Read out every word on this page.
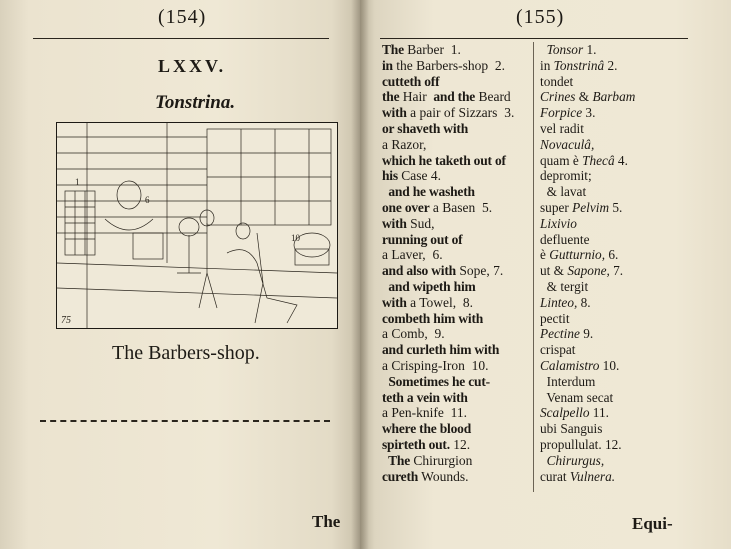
(154)
LXXV.
Tonstrina.
1
6
10
75
The Barbers-shop.
The
(155)
The Barber  1.
in the Barbers-shop  2.
cutteth off
the Hair  and the Beard
with a pair of Sizzars  3.
or shaveth with
a Razor,
which he taketh out of
his Case 4.
and he washeth
one over a Basen  5.
with Sud,
running out of
a Laver,  6.
and also with Sope, 7.
and wipeth him
with a Towel,  8.
combeth him with
a Comb,  9.
and curleth him with
a Crisping-Iron  10.
Sometimes he cut-
teth a vein with
a Pen-knife  11.
where the blood
spirteth out. 12.
The Chirurgion
cureth Wounds.
Tonsor 1.
in Tonstrinâ 2.
tondet
Crines & Barbam
Forpice 3.
vel radit
Novaculâ,
quam è Thecâ 4.
depromit;
& lavat
super Pelvim 5.
Lixivio
defluente
è Gutturnio, 6.
ut & Sapone, 7.
& tergit
Linteo, 8.
pectit
Pectine 9.
crispat
Calamistro 10.
Interdum
Venam secat
Scalpello 11.
ubi Sanguis
propullulat. 12.
Chirurgus,
curat Vulnera.
Equi-
